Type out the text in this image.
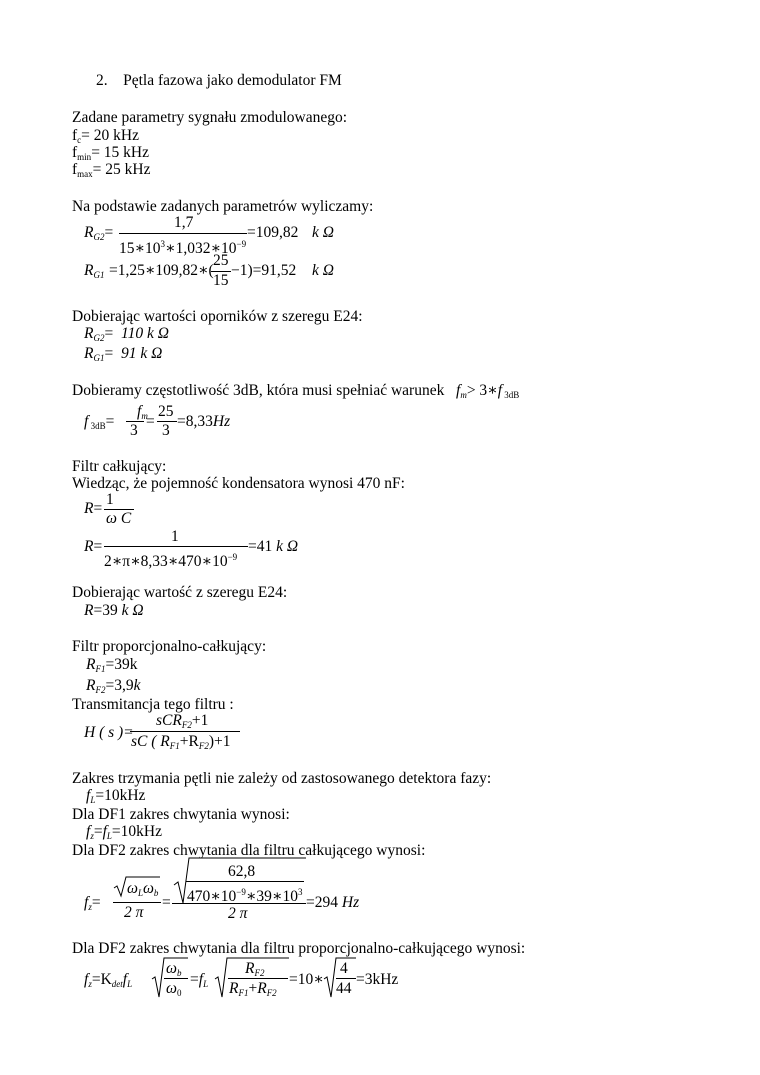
2. Pętla fazowa jako demodulator FM
Zadane parametry sygnału zmodulowanego:
fc= 20 kHz
fmin= 15 kHz
fmax= 25 kHz
Na podstawie zadanych parametrów wyliczamy:
$R_{G2}=$
1,7
$15∗10^3∗1,032∗10^{-9}$
=109,82 k Ω
$R_{G1}$ =1,25∗109,82∗(
25
15
−1)=91,52 k Ω
Dobierając wartości oporników z szeregu E24:
$R_{G2}= 110$ k Ω
$R_{G1}= 91$ k Ω
Dobieramy częstotliwość 3dB, która musi spełniać warunek $f_m>$ 3∗f 3dB
f 3dB=
$f_m$
3
=
25
3
=8,33Hz
Filtr całkujący:
Wiedząc, że pojemność kondensatora wynosi 470 nF:
R=
1
ω C
R=
1
$2∗\pi∗8,33∗470∗10^{-9}$
=41 k Ω
Dobierając wartość z szeregu E24:
R=39 k Ω
Filtr proporcjonalno-całkujący:
$R_{F1}=39k$
$R_{F2}=3,9k$
Transmitancja tego filtru :
H ( s )=
sCR$_{F2}$+1
sC ( $R_{F1}+R_{F2})+1$
Zakres trzymania pętli nie zależy od zastosowanego detektora fazy:
$f_L=10kHz$
Dla DF1 zakres chwytania wynosi:
$f_z=f_L=10kHz$
Dla DF2 zakres chwytania dla filtru całkującego wynosi:
$f_z=$
$\omega_L\omega_b$
2 π
=
62,8
$470∗10^{-9}∗39∗10^3$
2 π
=294 Hz
Dla DF2 zakres chwytania dla filtru proporcjonalno-całkującego wynosi:
$f_z=K_{det}f_L$
$\omega_b$
ω0
$=f_L$
$R_{F2}$
$R_{F1}+R_{F2}$
=10∗
4
44
=3kHz
